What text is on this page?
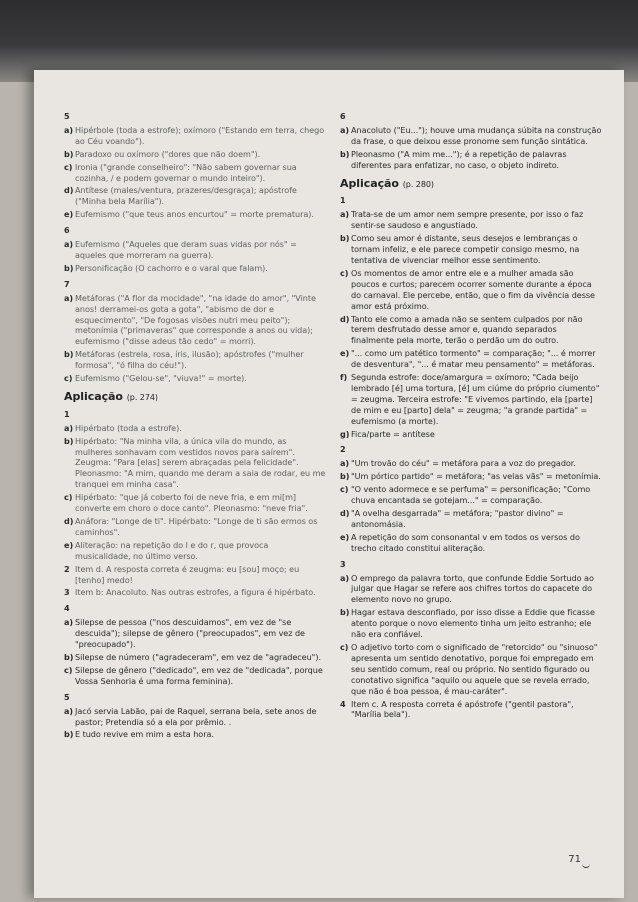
5
a) Hipérbole (toda a estrofe); oxímoro ("Estando em terra, chego ao Céu voando").
b) Paradoxo ou oxímoro ("dores que não doem").
c) Ironia ("grande conselheiro": "Não sabem governar sua cozinha, / e podem governar o mundo inteiro").
d) Antítese (males/ventura, prazeres/desgraça); apóstrofe ("Minha bela Marília").
e) Eufemismo ("que teus anos encurtou" = morte prematura).
6
a) Eufemismo ("Aqueles que deram suas vidas por nós" = aqueles que morreram na guerra).
b) Personificação (O cachorro e o varal que falam).
7
a) Metáforas ("A flor da mocidade", "na idade do amor", "Vinte anos! derramei-os gota a gota", "abismo de dor e esquecimento", "De fogosas visões nutri meu peito"); metonímia ("primaveras" que corresponde a anos ou vida); eufemismo ("disse adeus tão cedo" = morri).
b) Metáforas (estrela, rosa, íris, ilusão); apóstrofes ("mulher formosa", "ó filha do céu!").
c) Eufemismo ("Gelou-se", "viuva!" = morte).
Aplicação (p. 274)
1
a) Hipérbato (toda a estrofe).
b) Hipérbato: "Na minha vila, a única vila do mundo, as mulheres sonhavam com vestidos novos para saírem". Zeugma: "Para [elas] serem abraçadas pela felicidade". Pleonasmo: "A mim, quando me deram a saia de rodar, eu me tranquei em minha casa".
c) Hipérbato: "que já coberto foi de neve fria, e em mi[m] converte em choro o doce canto". Pleonasmo: "neve fria".
d) Anáfora: "Longe de ti". Hipérbato: "Longe de ti são ermos os caminhos".
e) Aliteração: na repetição do l e do r, que provoca musicalidade, no último verso.
2 Item d. A resposta correta é zeugma: eu [sou] moço; eu [tenho] medo!
3 Item b: Anacoluto. Nas outras estrofes, a figura é hipérbato.
4
a) Silepse de pessoa ("nos descuidamos", em vez de "se descuida"); silepse de gênero ("preocupados", em vez de "preocupado").
b) Silepse de número ("agradeceram", em vez de "agradeceu").
c) Silepse de gênero ("dedicado", em vez de "dedicada", porque Vossa Senhoria é uma forma feminina).
5
a) Jacó servia Labão, pai de Raquel, serrana bela, sete anos de pastor; Pretendia só a ela por prêmio. .
b) E tudo revive em mim a esta hora.
6
a) Anacoluto ("Eu..."); houve uma mudança súbita na construção da frase, o que deixou esse pronome sem função sintática.
b) Pleonasmo ("A mim me..."); é a repetição de palavras diferentes para enfatizar, no caso, o objeto indireto.
Aplicação (p. 280)
1
a) Trata-se de um amor nem sempre presente, por isso o faz sentir-se saudoso e angustiado.
b) Como seu amor é distante, seus desejos e lembranças o tornam infeliz, e ele parece competir consigo mesmo, na tentativa de vivenciar melhor esse sentimento.
c) Os momentos de amor entre ele e a mulher amada são poucos e curtos; parecem ocorrer somente durante a época do carnaval. Ele percebe, então, que o fim da vivência desse amor está próximo.
d) Tanto ele como a amada não se sentem culpados por não terem desfrutado desse amor e, quando separados finalmente pela morte, terão o perdão um do outro.
e) "... como um patético tormento" = comparação; "... é morrer de desventura", "... é matar meu pensamento" = metáforas.
f) Segunda estrofe: doce/amargura = oxímoro; "Cada beijo lembrado [é] uma tortura, [é] um ciúme do próprio ciumento" = zeugma. Terceira estrofe: "E vivemos partindo, ela [parte] de mim e eu [parto] dela" = zeugma; "a grande partida" = eufemismo (a morte).
g) Fica/parte = antítese
2
a) "Um trovão do céu" = metáfora para a voz do pregador.
b) "Um pórtico partido" = metáfora; "as velas vãs" = metonímia.
c) "O vento adormece e se perfuma" = personificação; "Como chuva encantada se gotejam..." = comparação.
d) "A ovelha desgarrada" = metáfora; "pastor divino" = antonomásia.
e) A repetição do som consonantal v em todos os versos do trecho citado constitui aliteração.
3
a) O emprego da palavra torto, que confunde Eddie Sortudo ao julgar que Hagar se refere aos chifres tortos do capacete do elemento novo no grupo.
b) Hagar estava desconfiado, por isso disse a Eddie que ficasse atento porque o novo elemento tinha um jeito estranho; ele não era confiável.
c) O adjetivo torto com o significado de "retorcido" ou "sinuoso" apresenta um sentido denotativo, porque foi empregado em seu sentido comum, real ou próprio. No sentido figurado ou conotativo significa "aquilo ou aquele que se revela errado, que não é boa pessoa, é mau-caráter".
4 Item c. A resposta correta é apóstrofe ("gentil pastora", "Marília bela").
71
